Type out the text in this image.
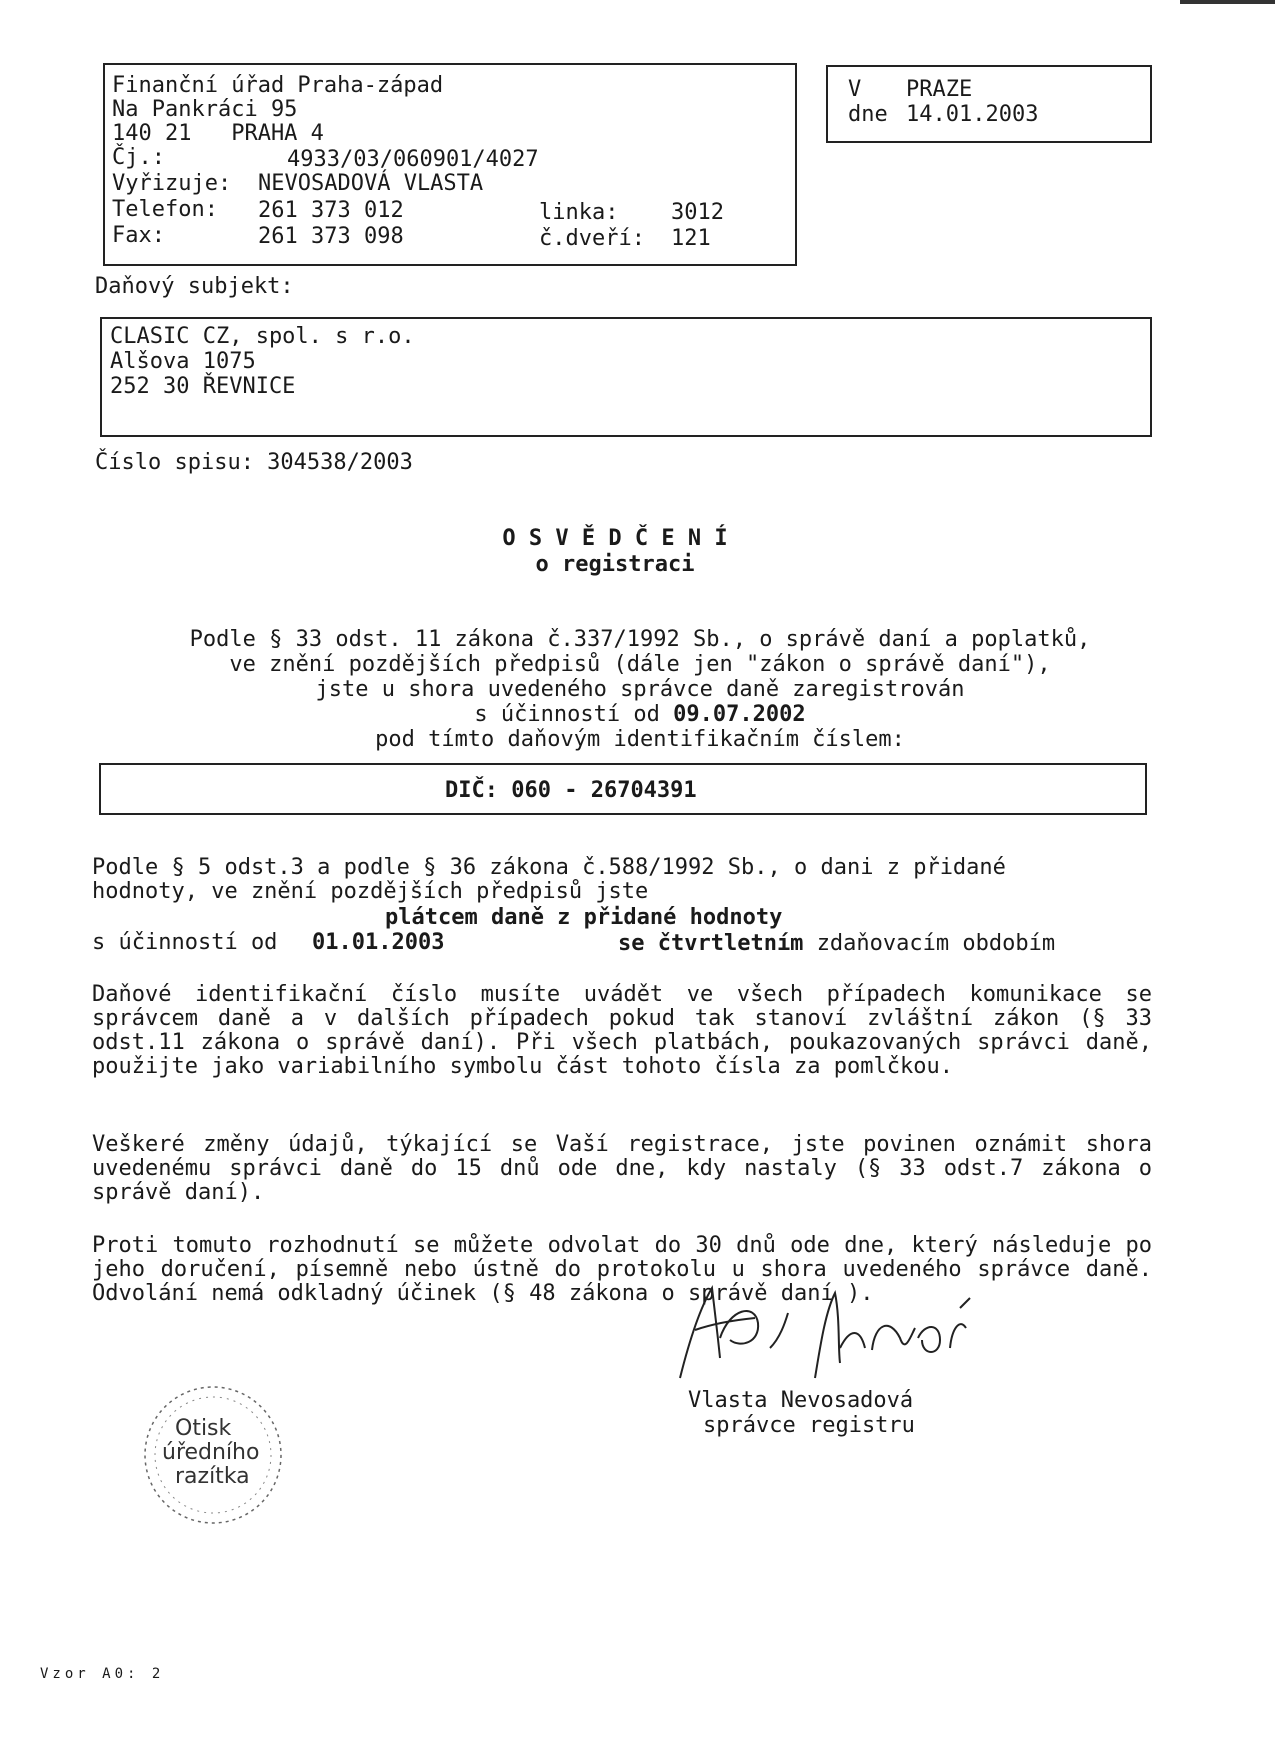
Finanční úřad Praha-západ
Na Pankráci 95
140 21   PRAHA 4
Čj.:	4933/03/060901/4027
Vyřizuje: NEVOSADOVÁ VLASTA
Telefon: 261 373 012	linka: 3012
Fax:	261 373 098	č.dveří: 121
V PRAZE
dne 14.01.2003
Daňový subjekt:
CLASIC CZ, spol. s r.o.
Alšova 1075
252 30 ŘEVNICE
Číslo spisu: 304538/2003
O S V Ě D Č E N Í
o registraci
Podle § 33 odst. 11 zákona č.337/1992 Sb., o správě daní a poplatků,
ve znění pozdějších předpisů (dále jen "zákon o správě daní"),
jste u shora uvedeného správce daně zaregistrován
s účinností od 09.07.2002
pod tímto daňovým identifikačním číslem:
DIČ: 060 - 26704391
Podle § 5 odst.3 a podle § 36 zákona č.588/1992 Sb., o dani z přidané
hodnoty, ve znění pozdějších předpisů jste
plátcem daně z přidané hodnoty
s účinností od 01.01.2003	se čtvrtletním zdaňovacím obdobím
Daňové identifikační číslo musíte uvádět ve všech případech komunikace se správcem daně a v dalších případech pokud tak stanoví zvláštní zákon (§ 33 odst.11 zákona o správě daní). Při všech platbách, poukazovaných správci daně, použijte jako variabilního symbolu část tohoto čísla za pomlčkou.
Veškeré změny údajů, týkající se Vaší registrace, jste povinen oznámit shora uvedenému správci daně do 15 dnů ode dne, kdy nastaly (§ 33 odst.7 zákona o správě daní).
Proti tomuto rozhodnutí se můžete odvolat do 30 dnů ode dne, který následuje po jeho doručení, písemně nebo ústně do protokolu u shora uvedeného správce daně. Odvolání nemá odkladný účinek (§ 48 zákona o správě daní ).
Otisk
úředního
razítka
Vlasta Nevosadová
správce registru
Vzor A0: 2
